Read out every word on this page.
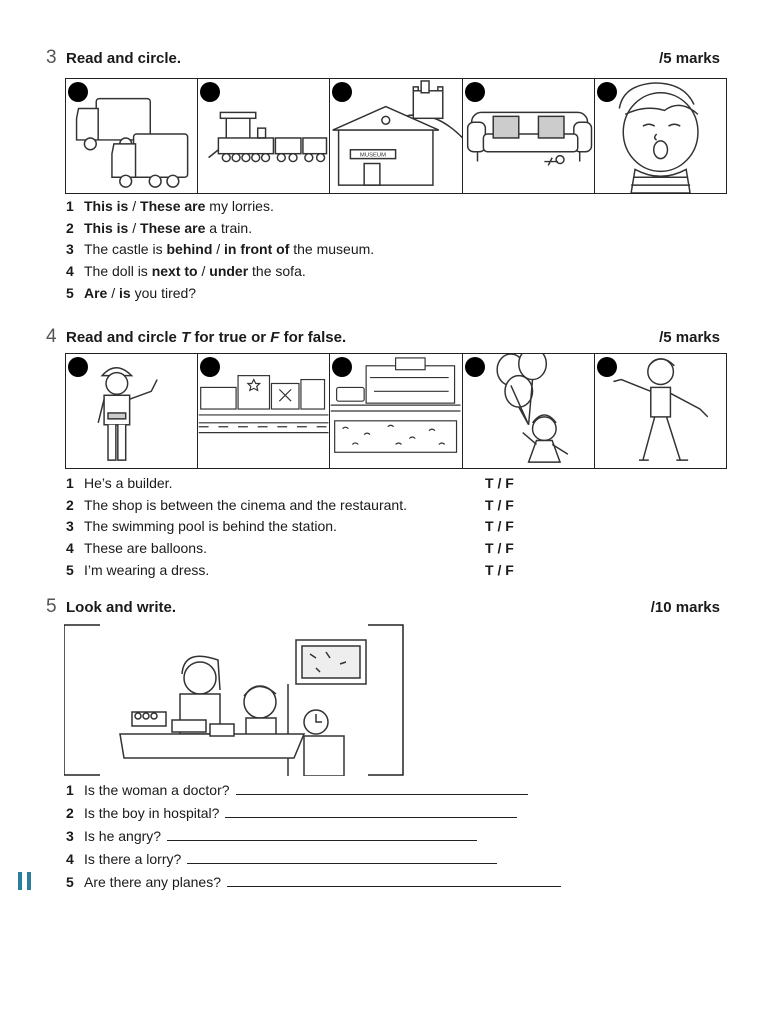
3 Read and circle.	/5 marks
MUSEUM
1 This is / These are my lorries.
2 This is / These are a train.
3 The castle is behind / in front of the museum.
4 The doll is next to / under the sofa.
5 Are / is you tired?
4 Read and circle T for true or F for false.	/5 marks
1 He’s a builder.	T / F
2 The shop is between the cinema and the restaurant.	T / F
3 The swimming pool is behind the station.	T / F
4 These are balloons.	T / F
5 I’m wearing a dress.	T / F
5 Look and write.	/10 marks
1 Is the woman a doctor?
2 Is the boy in hospital?
3 Is he angry?
4 Is there a lorry?
5 Are there any planes?
